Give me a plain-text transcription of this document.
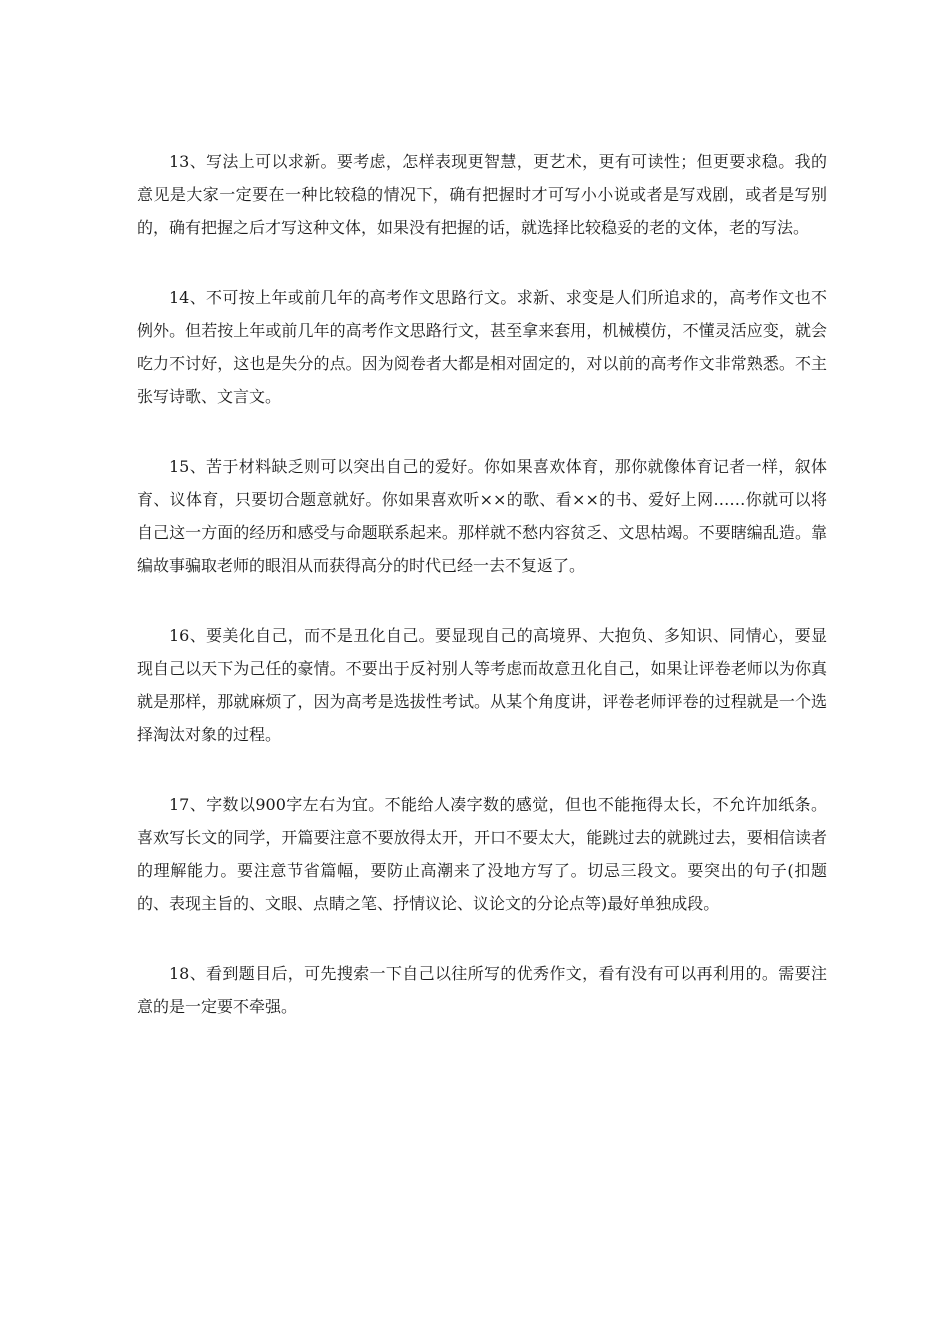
13、写法上可以求新。要考虑，怎样表现更智慧，更艺术，更有可读性；但更要求稳。我的意见是大家一定要在一种比较稳的情况下，确有把握时才可写小小说或者是写戏剧，或者是写别的，确有把握之后才写这种文体，如果没有把握的话，就选择比较稳妥的老的文体，老的写法。

14、不可按上年或前几年的高考作文思路行文。求新、求变是人们所追求的，高考作文也不例外。但若按上年或前几年的高考作文思路行文，甚至拿来套用，机械模仿，不懂灵活应变，就会吃力不讨好，这也是失分的点。因为阅卷者大都是相对固定的，对以前的高考作文非常熟悉。不主张写诗歌、文言文。

15、苦于材料缺乏则可以突出自己的爱好。你如果喜欢体育，那你就像体育记者一样，叙体育、议体育，只要切合题意就好。你如果喜欢听××的歌、看××的书、爱好上网……你就可以将自己这一方面的经历和感受与命题联系起来。那样就不愁内容贫乏、文思枯竭。不要瞎编乱造。靠编故事骗取老师的眼泪从而获得高分的时代已经一去不复返了。

16、要美化自己，而不是丑化自己。要显现自己的高境界、大抱负、多知识、同情心，要显现自己以天下为己任的豪情。不要出于反衬别人等考虑而故意丑化自己，如果让评卷老师以为你真就是那样，那就麻烦了，因为高考是选拔性考试。从某个角度讲，评卷老师评卷的过程就是一个选择淘汰对象的过程。

17、字数以900字左右为宜。不能给人凑字数的感觉，但也不能拖得太长，不允许加纸条。喜欢写长文的同学，开篇要注意不要放得太开，开口不要太大，能跳过去的就跳过去，要相信读者的理解能力。要注意节省篇幅，要防止高潮来了没地方写了。切忌三段文。要突出的句子(扣题的、表现主旨的、文眼、点睛之笔、抒情议论、议论文的分论点等)最好单独成段。

18、看到题目后，可先搜索一下自己以往所写的优秀作文，看有没有可以再利用的。需要注意的是一定要不牵强。
